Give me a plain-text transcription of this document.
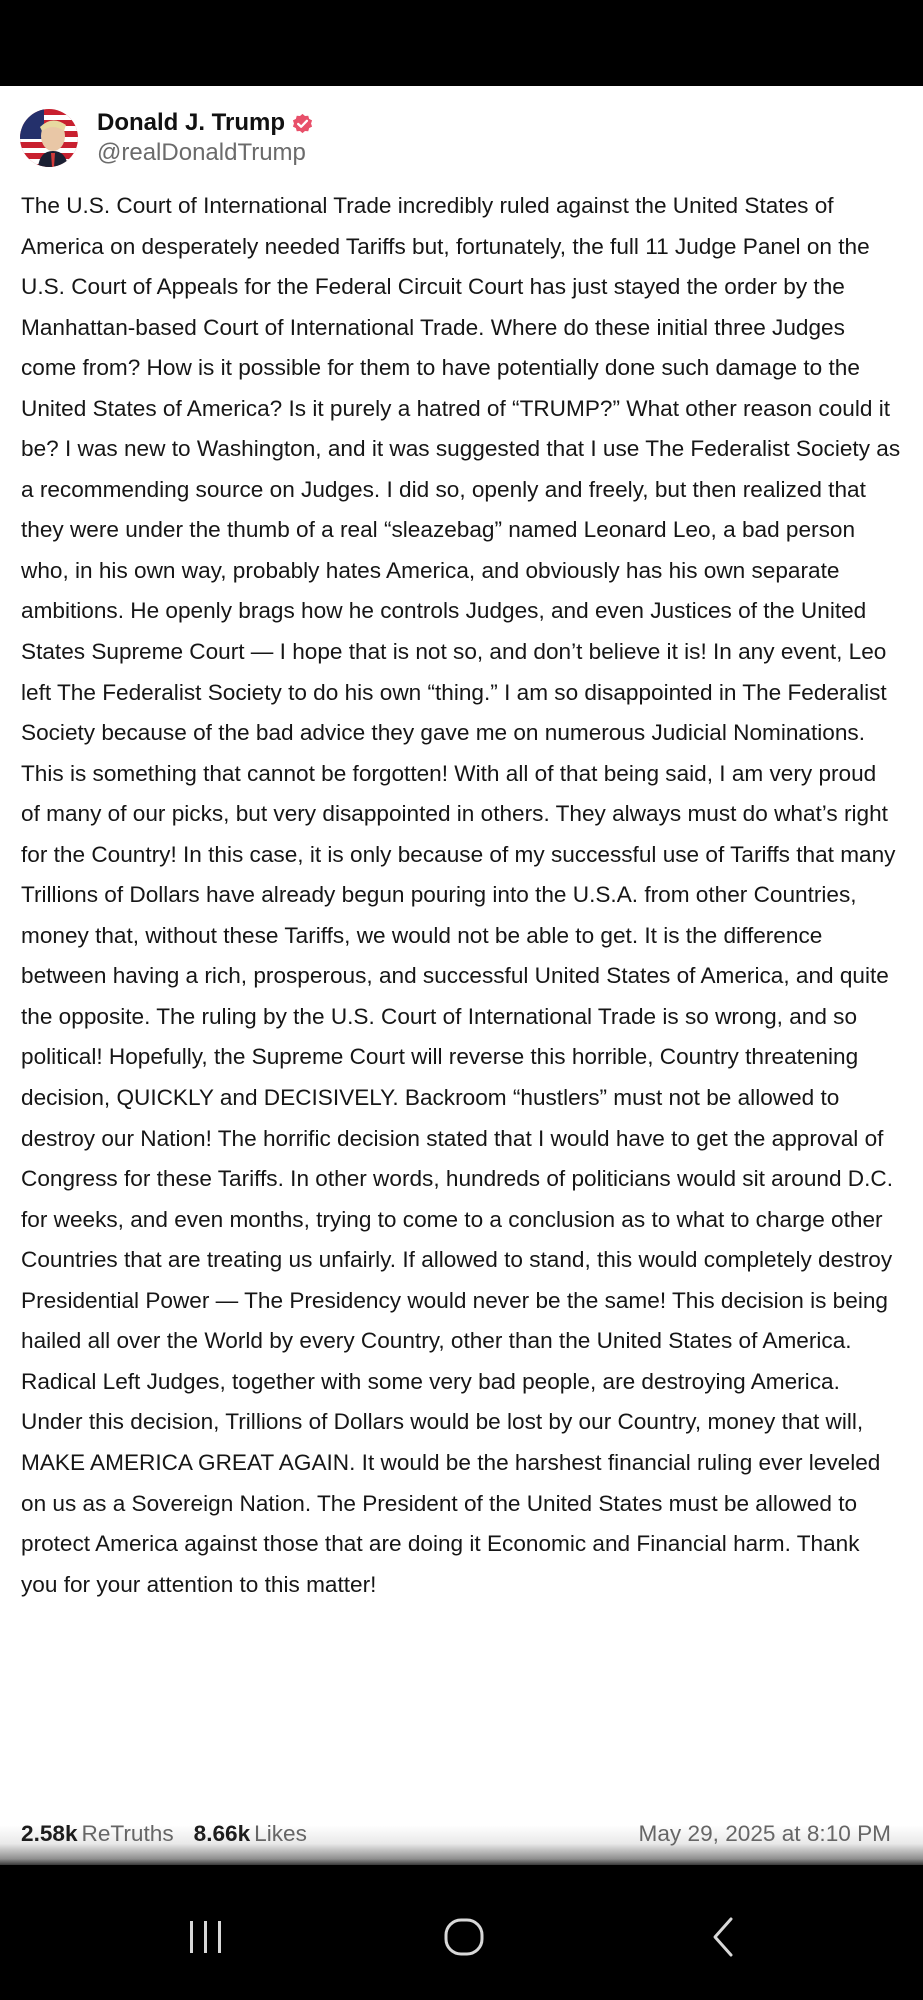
Donald J. Trump
@realDonaldTrump

The U.S. Court of International Trade incredibly ruled against the United States of America on desperately needed Tariffs but, fortunately, the full 11 Judge Panel on the U.S. Court of Appeals for the Federal Circuit Court has just stayed the order by the Manhattan-based Court of International Trade. Where do these initial three Judges come from? How is it possible for them to have potentially done such damage to the United States of America? Is it purely a hatred of “TRUMP?” What other reason could it be? I was new to Washington, and it was suggested that I use The Federalist Society as a recommending source on Judges. I did so, openly and freely, but then realized that they were under the thumb of a real “sleazebag” named Leonard Leo, a bad person who, in his own way, probably hates America, and obviously has his own separate ambitions. He openly brags how he controls Judges, and even Justices of the United States Supreme Court — I hope that is not so, and don’t believe it is! In any event, Leo left The Federalist Society to do his own “thing.” I am so disappointed in The Federalist Society because of the bad advice they gave me on numerous Judicial Nominations. This is something that cannot be forgotten! With all of that being said, I am very proud of many of our picks, but very disappointed in others. They always must do what’s right for the Country! In this case, it is only because of my successful use of Tariffs that many Trillions of Dollars have already begun pouring into the U.S.A. from other Countries, money that, without these Tariffs, we would not be able to get. It is the difference between having a rich, prosperous, and successful United States of America, and quite the opposite. The ruling by the U.S. Court of International Trade is so wrong, and so political! Hopefully, the Supreme Court will reverse this horrible, Country threatening decision, QUICKLY and DECISIVELY. Backroom “hustlers” must not be allowed to destroy our Nation! The horrific decision stated that I would have to get the approval of Congress for these Tariffs. In other words, hundreds of politicians would sit around D.C. for weeks, and even months, trying to come to a conclusion as to what to charge other Countries that are treating us unfairly. If allowed to stand, this would completely destroy Presidential Power — The Presidency would never be the same! This decision is being hailed all over the World by every Country, other than the United States of America. Radical Left Judges, together with some very bad people, are destroying America. Under this decision, Trillions of Dollars would be lost by our Country, money that will, MAKE AMERICA GREAT AGAIN. It would be the harshest financial ruling ever leveled on us as a Sovereign Nation. The President of the United States must be allowed to protect America against those that are doing it Economic and Financial harm. Thank you for your attention to this matter!

2.58k ReTruths 8.66k Likes	May 29, 2025 at 8:10 PM
